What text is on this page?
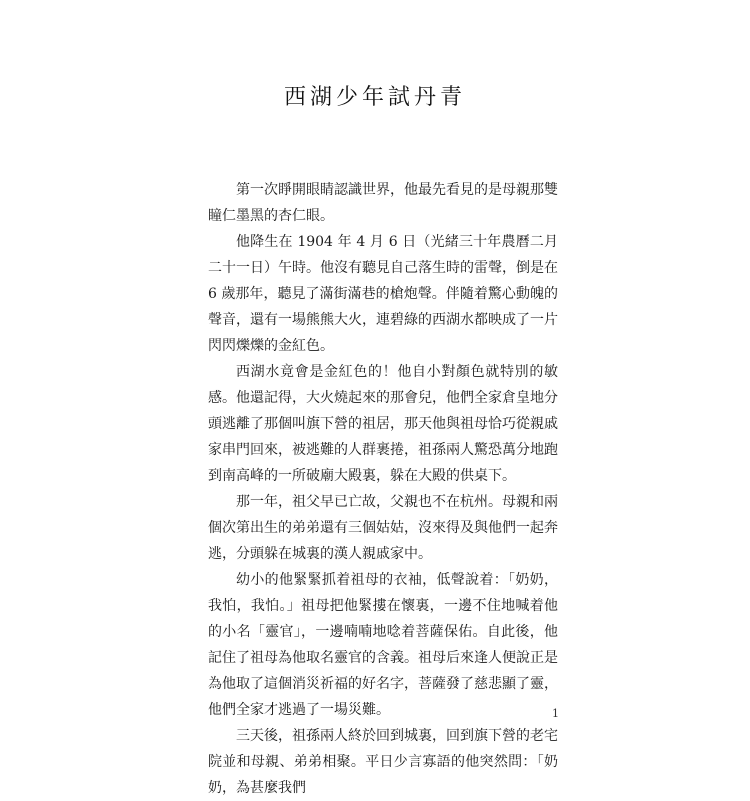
西湖少年試丹青

第一次睜開眼睛認識世界，他最先看見的是母親那雙瞳仁墨黑的杏仁眼。

他降生在 1904 年 4 月 6 日（光緒三十年農曆二月二十一日）午時。他沒有聽見自己落生時的雷聲，倒是在 6 歲那年，聽見了滿街滿巷的槍炮聲。伴隨着驚心動魄的聲音，還有一場熊熊大火，連碧綠的西湖水都映成了一片閃閃爍爍的金紅色。

西湖水竟會是金紅色的！他自小對顏色就特別的敏感。他還記得，大火燒起來的那會兒，他們全家倉皇地分頭逃離了那個叫旗下營的祖居，那天他與祖母恰巧從親戚家串門回來，被逃難的人群裹捲，祖孫兩人驚恐萬分地跑到南高峰的一所破廟大殿裏，躲在大殿的供桌下。

那一年，祖父早已亡故，父親也不在杭州。母親和兩個次第出生的弟弟還有三個姑姑，沒來得及與他們一起奔逃，分頭躲在城裏的漢人親戚家中。

幼小的他緊緊抓着祖母的衣袖，低聲說着：「奶奶，我怕，我怕。」祖母把他緊摟在懷裏，一邊不住地喊着他的小名「靈官」，一邊喃喃地唸着菩薩保佑。自此後，他記住了祖母為他取名靈官的含義。祖母后來逢人便說正是為他取了這個消災祈福的好名字，菩薩發了慈悲顯了靈，他們全家才逃過了一場災難。

三天後，祖孫兩人終於回到城裏，回到旗下營的老宅院並和母親、弟弟相聚。平日少言寡語的他突然問：「奶奶，為甚麼我們

1
